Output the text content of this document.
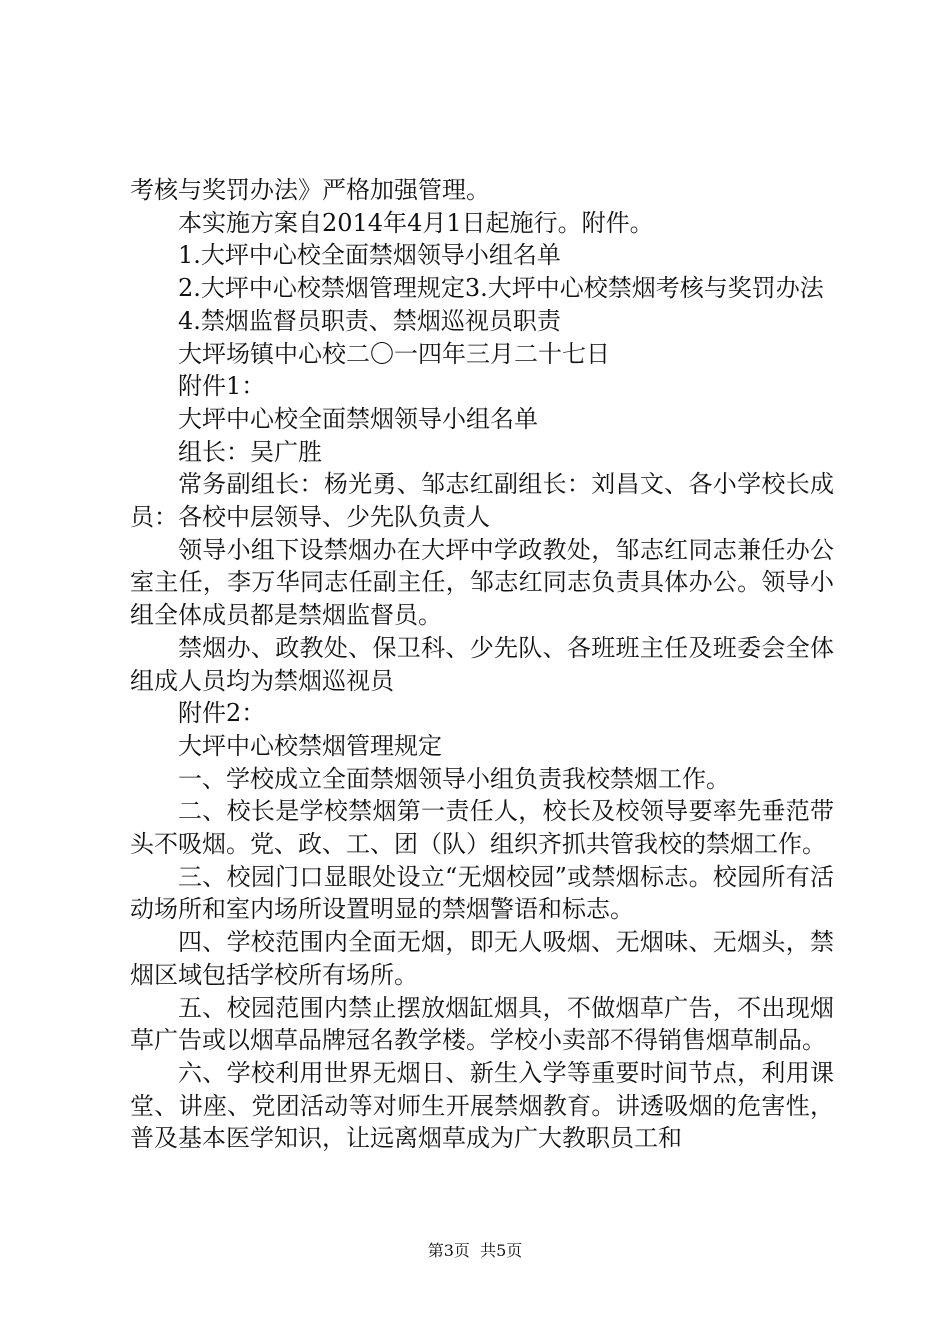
考核与奖罚办法》严格加强管理。

本实施方案自2014年4月1日起施行。附件。

1.大坪中心校全面禁烟领导小组名单

2.大坪中心校禁烟管理规定3.大坪中心校禁烟考核与奖罚办法

4.禁烟监督员职责、禁烟巡视员职责

大坪场镇中心校二〇一四年三月二十七日

附件1：

大坪中心校全面禁烟领导小组名单

组长：吴广胜

常务副组长：杨光勇、邹志红副组长：刘昌文、各小学校长成员：各校中层领导、少先队负责人

领导小组下设禁烟办在大坪中学政教处，邹志红同志兼任办公室主任，李万华同志任副主任，邹志红同志负责具体办公。领导小组全体成员都是禁烟监督员。

禁烟办、政教处、保卫科、少先队、各班班主任及班委会全体组成人员均为禁烟巡视员

附件2：

大坪中心校禁烟管理规定

一、学校成立全面禁烟领导小组负责我校禁烟工作。

二、校长是学校禁烟第一责任人，校长及校领导要率先垂范带头不吸烟。党、政、工、团（队）组织齐抓共管我校的禁烟工作。

三、校园门口显眼处设立“无烟校园”或禁烟标志。校园所有活动场所和室内场所设置明显的禁烟警语和标志。

四、学校范围内全面无烟，即无人吸烟、无烟味、无烟头，禁烟区域包括学校所有场所。

五、校园范围内禁止摆放烟缸烟具，不做烟草广告，不出现烟草广告或以烟草品牌冠名教学楼。学校小卖部不得销售烟草制品。

六、学校利用世界无烟日、新生入学等重要时间节点，利用课堂、讲座、党团活动等对师生开展禁烟教育。讲透吸烟的危害性，普及基本医学知识，让远离烟草成为广大教职员工和

第3页 共5页
